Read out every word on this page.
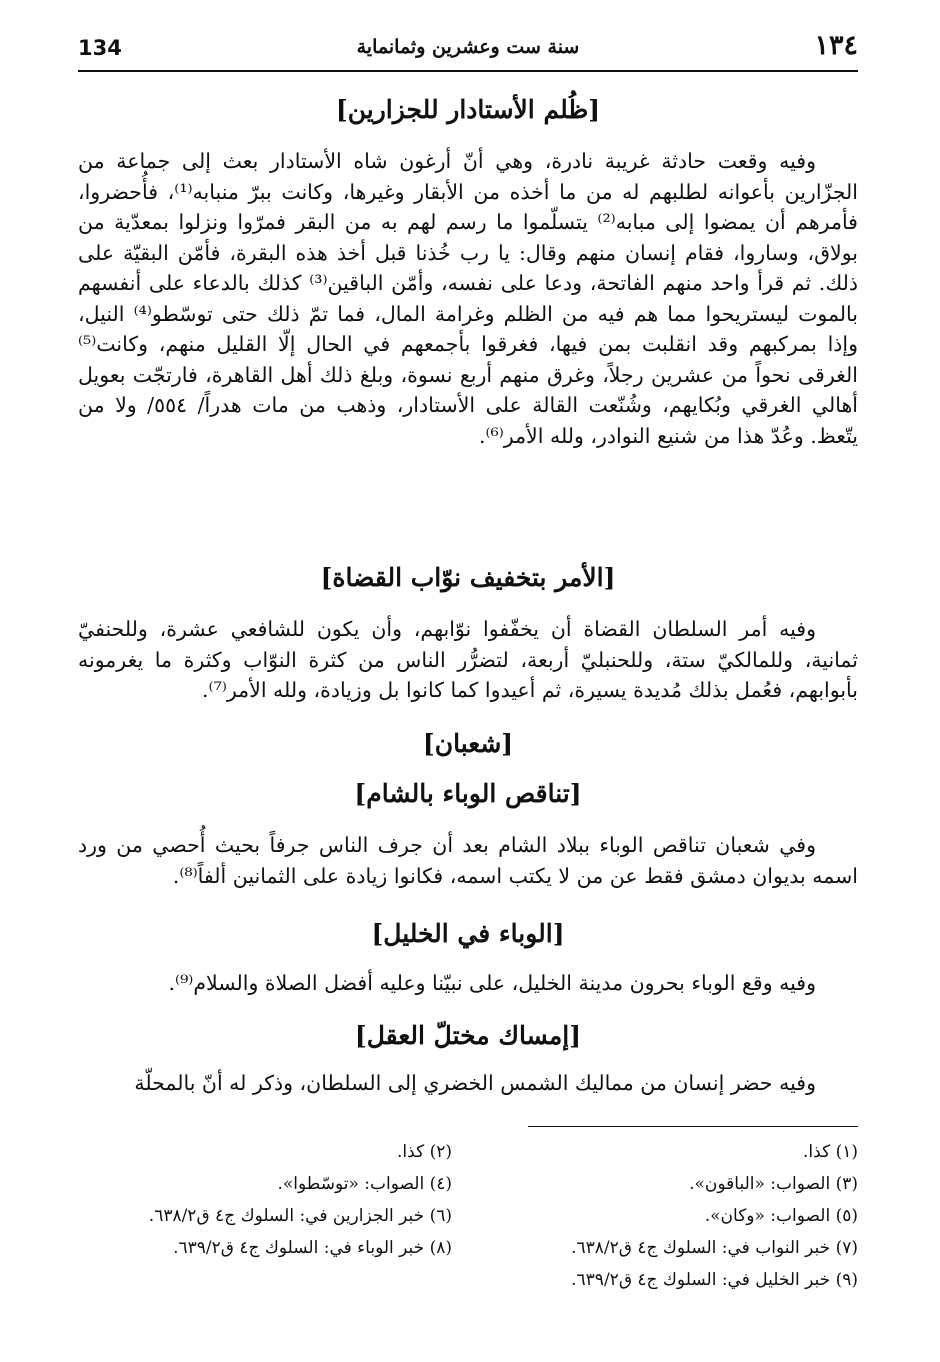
134	سنة ست وعشرين وثمانماية	١٣٤
[ظُلم الأستادار للجزارين]

وفيه وقعت حادثة غريبة نادرة، وهي أنّ أرغون شاه الأستادار بعث إلى جماعة من الجزّارين بأعوانه لطلبهم له من ما أخذه من الأبقار وغيرها، وكانت ببرّ منبابه⁽¹⁾، فأُحضروا، فأمرهم أن يمضوا إلى مبابه⁽²⁾ يتسلّموا ما رسم لهم به من البقر فمرّوا ونزلوا بمعدّية من بولاق، وساروا، فقام إنسان منهم وقال: يا رب خُذنا قبل أخذ هذه البقرة، فأمّن البقيّة على ذلك. ثم قرأ واحد منهم الفاتحة، ودعا على نفسه، وأمّن الباقين⁽³⁾ كذلك بالدعاء على أنفسهم بالموت ليستريحوا مما هم فيه من الظلم وغرامة المال، فما تمّ ذلك حتى توسّطو⁽⁴⁾ النيل، وإذا بمركبهم وقد انقلبت بمن فيها، فغرقوا بأجمعهم في الحال إلّا القليل منهم، وكانت⁽⁵⁾ الغرقى نحواً من عشرين رجلاً، وغرق منهم أربع نسوة، وبلغ ذلك أهل القاهرة، فارتجّت بعويل أهالي الغرقي وبُكايهم، وشُنّعت القالة على الأستادار، وذهب من مات هدراً/ ٥٥٤/ ولا من يتّعظ. وعُدّ هذا من شنيع النوادر، ولله الأمر⁽⁶⁾.

[الأمر بتخفيف نوّاب القضاة]

وفيه أمر السلطان القضاة أن يخفّفوا نوّابهم، وأن يكون للشافعي عشرة، وللحنفيّ ثمانية، وللمالكيّ ستة، وللحنبليّ أربعة، لتضرُّر الناس من كثرة النوّاب وكثرة ما يغرمونه بأبوابهم، فعُمل بذلك مُديدة يسيرة، ثم أعيدوا كما كانوا بل وزيادة، ولله الأمر⁽⁷⁾.

[شعبان]
[تناقص الوباء بالشام]

وفي شعبان تناقص الوباء ببلاد الشام بعد أن جرف الناس جرفاً بحيث أُحصي من ورد اسمه بديوان دمشق فقط عن من لا يكتب اسمه، فكانوا زيادة على الثمانين ألفاً⁽⁸⁾.

[الوباء في الخليل]

وفيه وقع الوباء بحرون مدينة الخليل، على نبيّنا وعليه أفضل الصلاة والسلام⁽⁹⁾.

[إمساك مختلّ العقل]

وفيه حضر إنسان من مماليك الشمس الخضري إلى السلطان، وذكر له أنّ بالمحلّة

(١) كذا.
(٢) كذا.
(٣) الصواب: «الباقون».
(٤) الصواب: «توسّطوا».
(٥) الصواب: «وكان».
(٦) خبر الجزارين في: السلوك ج٤ ق٦٣٨/٢.
(٧) خبر النواب في: السلوك ج٤ ق٦٣٨/٢.
(٨) خبر الوباء في: السلوك ج٤ ق٦٣٩/٢.
(٩) خبر الخليل في: السلوك ج٤ ق٦٣٩/٢.
